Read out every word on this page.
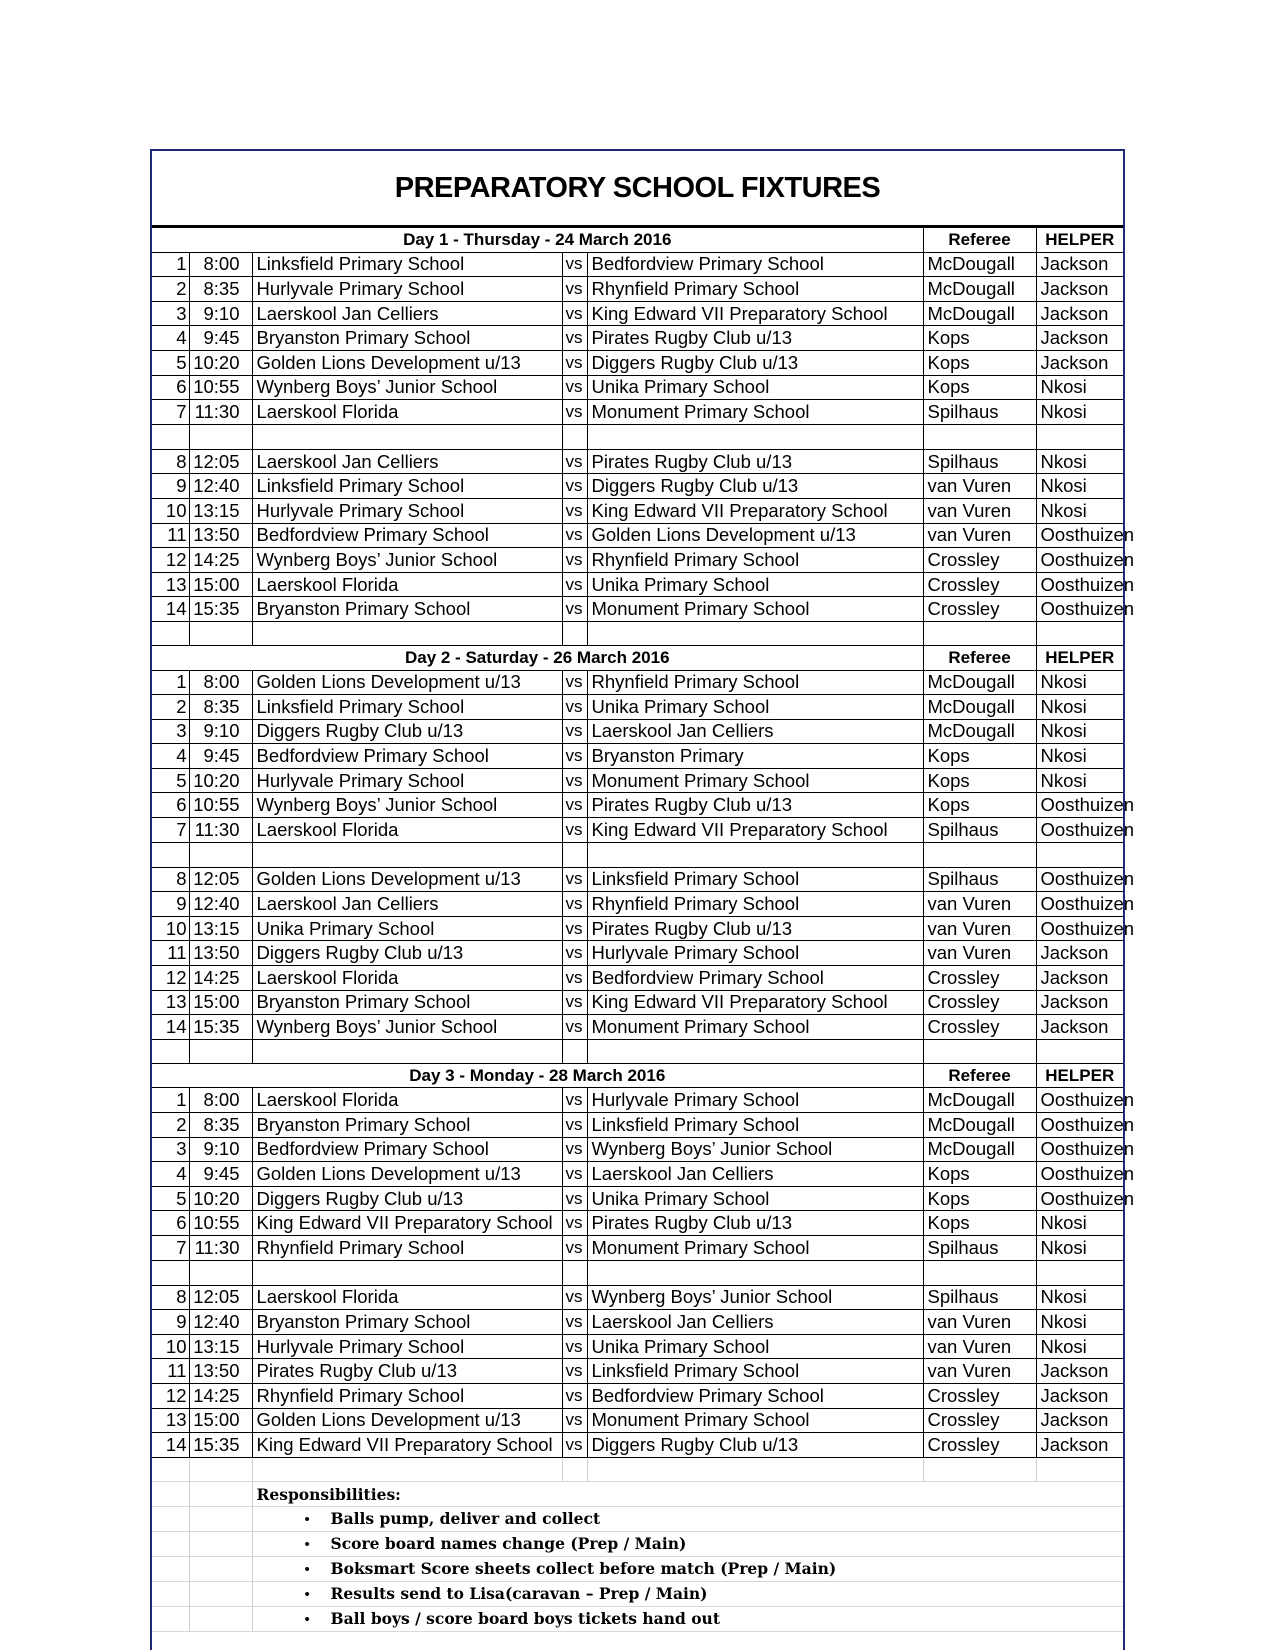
PREPARATORY SCHOOL FIXTURES
Day 1 - Thursday - 24 March 2016					Referee	HELPER
1	8:00	Linksfield Primary School	vs	Bedfordview Primary School	McDougall	Jackson
2	8:35	Hurlyvale Primary School	vs	Rhynfield Primary School	McDougall	Jackson
3	9:10	Laerskool Jan Celliers	vs	King Edward VII Preparatory School	McDougall	Jackson
4	9:45	Bryanston Primary School	vs	Pirates Rugby Club u/13	Kops	Jackson
5	10:20	Golden Lions Development u/13	vs	Diggers Rugby Club u/13	Kops	Jackson
6	10:55	Wynberg Boys’ Junior School	vs	Unika Primary School	Kops	Nkosi
7	11:30	Laerskool Florida	vs	Monument Primary School	Spilhaus	Nkosi

8	12:05	Laerskool Jan Celliers	vs	Pirates Rugby Club u/13	Spilhaus	Nkosi
9	12:40	Linksfield Primary School	vs	Diggers Rugby Club u/13	van Vuren	Nkosi
10	13:15	Hurlyvale Primary School	vs	King Edward VII Preparatory School	van Vuren	Nkosi
11	13:50	Bedfordview Primary School	vs	Golden Lions Development u/13	van Vuren	Oosthuizen
12	14:25	Wynberg Boys’ Junior School	vs	Rhynfield Primary School	Crossley	Oosthuizen
13	15:00	Laerskool Florida	vs	Unika Primary School	Crossley	Oosthuizen
14	15:35	Bryanston Primary School	vs	Monument Primary School	Crossley	Oosthuizen

Day 2 - Saturday - 26 March 2016					Referee	HELPER
1	8:00	Golden Lions Development u/13	vs	Rhynfield Primary School	McDougall	Nkosi
2	8:35	Linksfield Primary School	vs	Unika Primary School	McDougall	Nkosi
3	9:10	Diggers Rugby Club u/13	vs	Laerskool Jan Celliers	McDougall	Nkosi
4	9:45	Bedfordview Primary School	vs	Bryanston Primary	Kops	Nkosi
5	10:20	Hurlyvale Primary School	vs	Monument Primary School	Kops	Nkosi
6	10:55	Wynberg Boys’ Junior School	vs	Pirates Rugby Club u/13	Kops	Oosthuizen
7	11:30	Laerskool Florida	vs	King Edward VII Preparatory School	Spilhaus	Oosthuizen

8	12:05	Golden Lions Development u/13	vs	Linksfield Primary School	Spilhaus	Oosthuizen
9	12:40	Laerskool Jan Celliers	vs	Rhynfield Primary School	van Vuren	Oosthuizen
10	13:15	Unika Primary School	vs	Pirates Rugby Club u/13	van Vuren	Oosthuizen
11	13:50	Diggers Rugby Club u/13	vs	Hurlyvale Primary School	van Vuren	Jackson
12	14:25	Laerskool Florida	vs	Bedfordview Primary School	Crossley	Jackson
13	15:00	Bryanston Primary School	vs	King Edward VII Preparatory School	Crossley	Jackson
14	15:35	Wynberg Boys’ Junior School	vs	Monument Primary School	Crossley	Jackson

Day 3 - Monday - 28 March 2016					Referee	HELPER
1	8:00	Laerskool Florida	vs	Hurlyvale Primary School	McDougall	Oosthuizen
2	8:35	Bryanston Primary School	vs	Linksfield Primary School	McDougall	Oosthuizen
3	9:10	Bedfordview Primary School	vs	Wynberg Boys’ Junior School	McDougall	Oosthuizen
4	9:45	Golden Lions Development u/13	vs	Laerskool Jan Celliers	Kops	Oosthuizen
5	10:20	Diggers Rugby Club u/13	vs	Unika Primary School	Kops	Oosthuizen
6	10:55	King Edward VII Preparatory School	vs	Pirates Rugby Club u/13	Kops	Nkosi
7	11:30	Rhynfield Primary School	vs	Monument Primary School	Spilhaus	Nkosi

8	12:05	Laerskool Florida	vs	Wynberg Boys’ Junior School	Spilhaus	Nkosi
9	12:40	Bryanston Primary School	vs	Laerskool Jan Celliers	van Vuren	Nkosi
10	13:15	Hurlyvale Primary School	vs	Unika Primary School	van Vuren	Nkosi
11	13:50	Pirates Rugby Club u/13	vs	Linksfield Primary School	van Vuren	Jackson
12	14:25	Rhynfield Primary School	vs	Bedfordview Primary School	Crossley	Jackson
13	15:00	Golden Lions Development u/13	vs	Monument Primary School	Crossley	Jackson
14	15:35	King Edward VII Preparatory School	vs	Diggers Rugby Club u/13	Crossley	Jackson

		Responsibilities:				
		• Balls pump, deliver and collect				
		• Score board names change (Prep / Main)				
		• Boksmart Score sheets collect before match (Prep / Main)				
		• Results send to Lisa(caravan – Prep / Main)				
		• Ball boys / score board boys tickets hand out				
